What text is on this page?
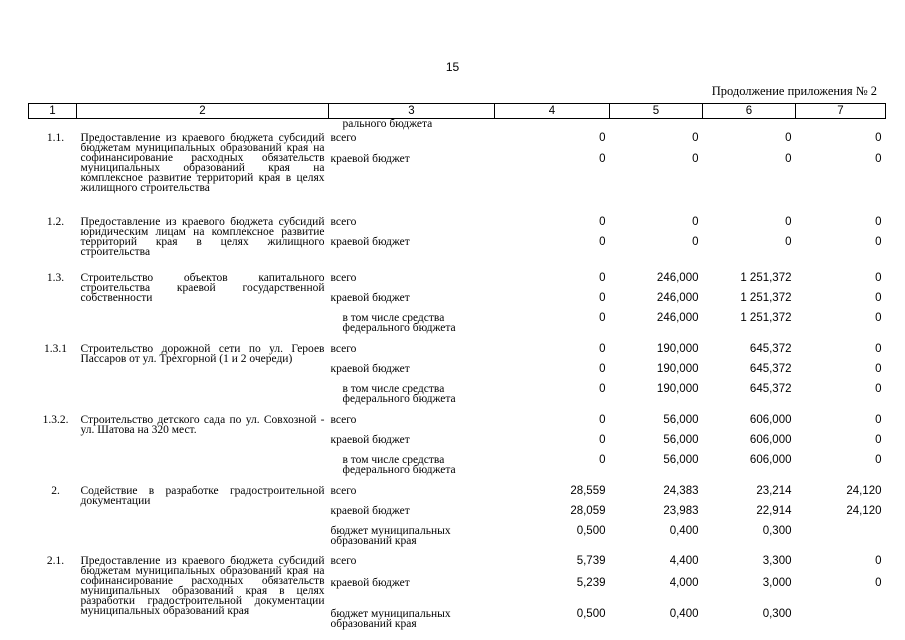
15
Продолжение приложения № 2
1	2	3	4	5	6	7
		рального бюджета				
1.1.	Предоставление из краевого бюджета субсидий бюджетам муниципальных образований края на софинансирование расходных обязательств муниципальных образований края на комплексное развитие территорий края в целях жилищного строительства	всего	0	0	0	0
		краевой бюджет	0	0	0	0
1.2.	Предоставление из краевого бюджета субсидий юридическим лицам на комплексное развитие территорий края в целях жилищного строительства	всего	0	0	0	0
		краевой бюджет	0	0	0	0
1.3.	Строительство объектов капитального строительства краевой государственной собственности	всего	0	246,000	1 251,372	0
		краевой бюджет	0	246,000	1 251,372	0
		в том числе средства федерального бюджета	0	246,000	1 251,372	0
1.3.1	Строительство дорожной сети по ул. Героев Пассаров от ул. Трехгорной (1 и 2 очереди)	всего	0	190,000	645,372	0
		краевой бюджет	0	190,000	645,372	0
		в том числе средства федерального бюджета	0	190,000	645,372	0
1.3.2.	Строительство детского сада по ул. Совхозной - ул. Шатова на 320 мест.	всего	0	56,000	606,000	0
		краевой бюджет	0	56,000	606,000	0
		в том числе средства федерального бюджета	0	56,000	606,000	0
2.	Содействие в разработке градостроительной документации	всего	28,559	24,383	23,214	24,120
		краевой бюджет	28,059	23,983	22,914	24,120
		бюджет муниципальных образований края	0,500	0,400	0,300	
2.1.	Предоставление из краевого бюджета субсидий бюджетам муниципальных образований края на софинансирование расходных обязательств муниципальных образований края в целях разработки градостроительной документации муниципальных образований края	всего	5,739	4,400	3,300	0
		краевой бюджет	5,239	4,000	3,000	0
		бюджет муниципальных образований края	0,500	0,400	0,300	
